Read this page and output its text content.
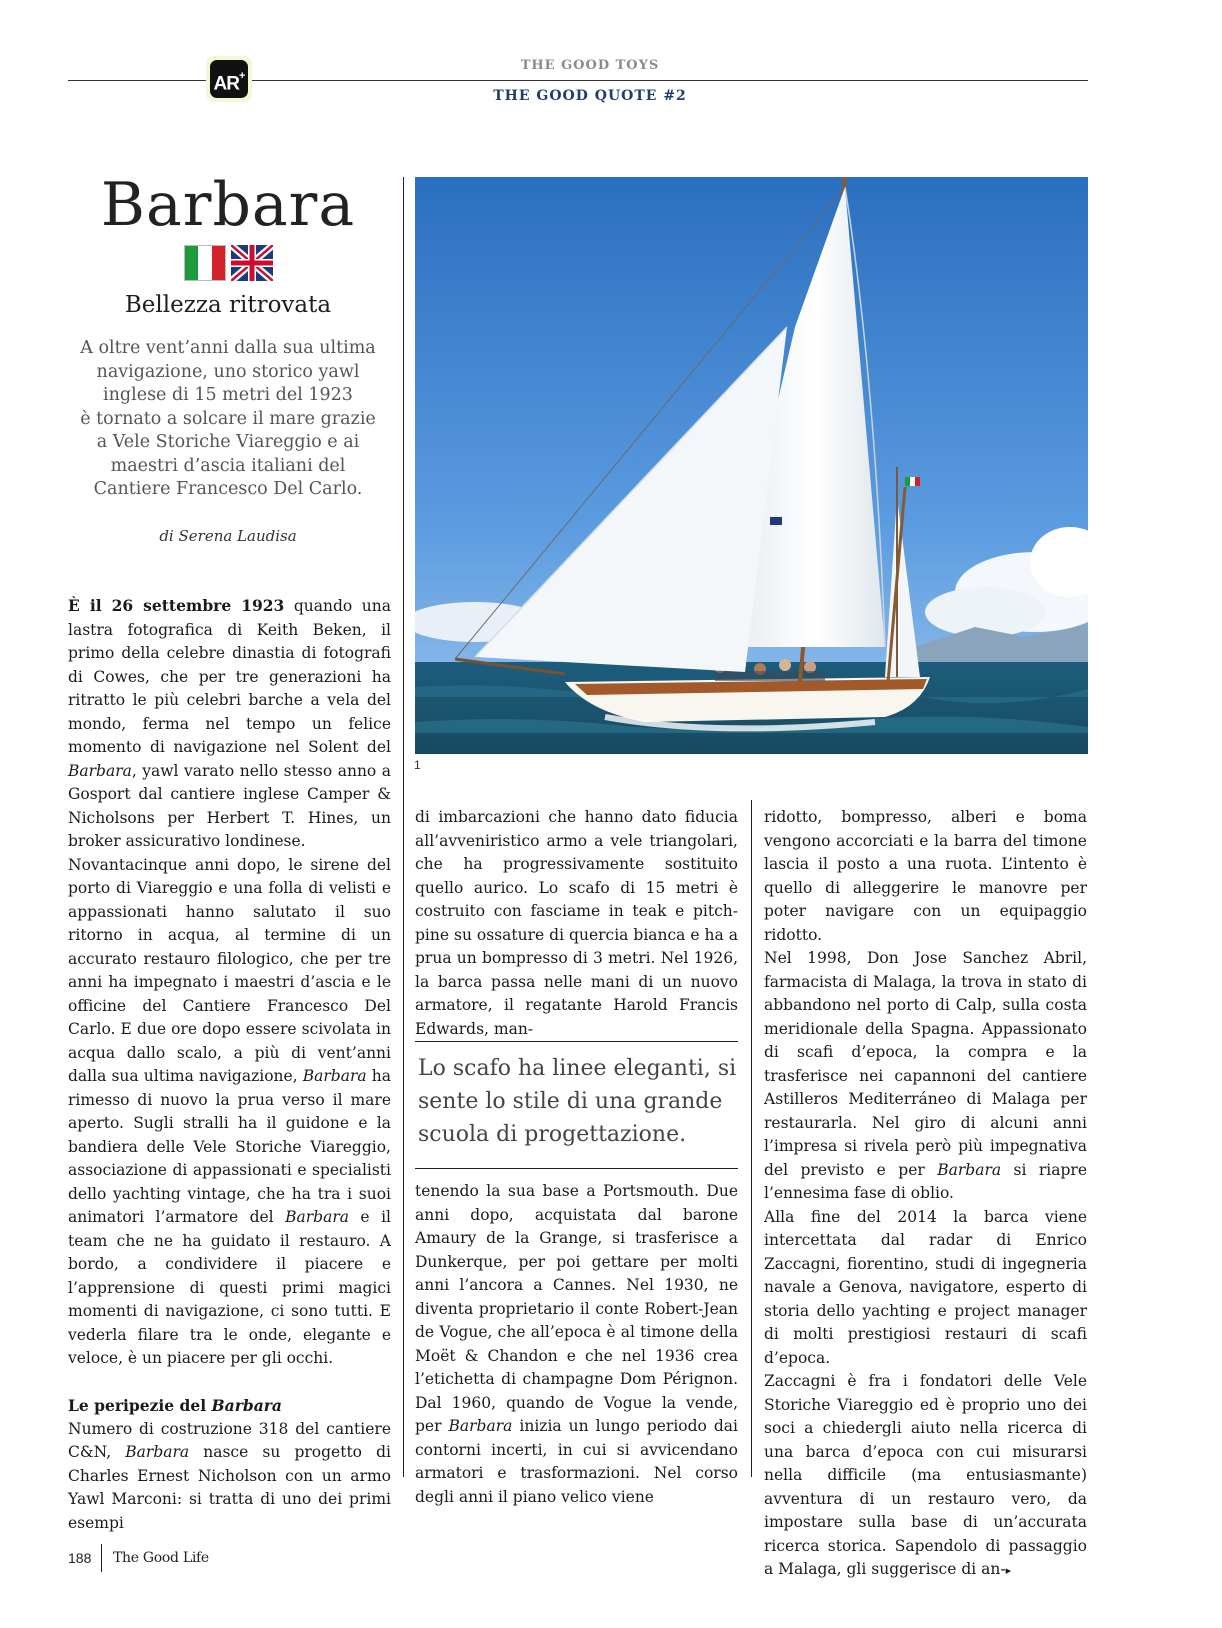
AR+
THE GOOD TOYS
THE GOOD QUOTE #2
Barbara
Bellezza ritrovata
A oltre vent’anni dalla sua ultima
navigazione, uno storico yawl
inglese di 15 metri del 1923
è tornato a solcare il mare grazie
a Vele Storiche Viareggio e ai
maestri d’ascia italiani del
Cantiere Francesco Del Carlo.
di Serena Laudisa
1

È il 26 settembre 1923 quando una lastra fotografica di Keith Beken, il primo della celebre dinastia di fotografi di Cowes, che per tre generazioni ha ritratto le più celebri barche a vela del mondo, ferma nel tempo un felice momento di navigazione nel Solent del Barbara, yawl varato nello stesso anno a Gosport dal cantiere inglese Camper & Nicholsons per Herbert T. Hines, un broker assicurativo londinese.

Novantacinque anni dopo, le sirene del porto di Viareggio e una folla di velisti e appassionati hanno salutato il suo ritorno in acqua, al termine di un accurato restauro filologico, che per tre anni ha impegnato i maestri d’ascia e le officine del Cantiere Francesco Del Carlo. E due ore dopo essere scivolata in acqua dallo scalo, a più di vent’anni dalla sua ultima navigazione, Barbara ha rimesso di nuovo la prua verso il mare aperto. Sugli stralli ha il guidone e la bandiera delle Vele Storiche Viareggio, associazione di appassionati e specialisti dello yachting vintage, che ha tra i suoi animatori l’armatore del Barbara e il team che ne ha guidato il restauro. A bordo, a condividere il piacere e l’apprensione di questi primi magici momenti di navigazione, ci sono tutti. E vederla filare tra le onde, elegante e veloce, è un piacere per gli occhi.

Le peripezie del Barbara

Numero di costruzione 318 del cantiere C&N, Barbara nasce su progetto di Charles Ernest Nicholson con un armo Yawl Marconi: si tratta di uno dei primi esempi

di imbarcazioni che hanno dato fiducia all’avveniristico armo a vele triangolari, che ha progressivamente sostituito quello aurico. Lo scafo di 15 metri è costruito con fasciame in teak e pitch-pine su ossature di quercia bianca e ha a prua un bompresso di 3 metri. Nel 1926, la barca passa nelle mani di un nuovo armatore, il regatante Harold Francis Edwards, man-

Lo scafo ha linee eleganti, si sente lo stile di una grande scuola di progettazione.

tenendo la sua base a Portsmouth. Due anni dopo, acquistata dal barone Amaury de la Grange, si trasferisce a Dunkerque, per poi gettare per molti anni l’ancora a Cannes. Nel 1930, ne diventa proprietario il conte Robert-Jean de Vogue, che all’epoca è al timone della Moët & Chandon e che nel 1936 crea l’etichetta di champagne Dom Pérignon. Dal 1960, quando de Vogue la vende, per Barbara inizia un lungo periodo dai contorni incerti, in cui si avvicendano armatori e trasformazioni. Nel corso degli anni il piano velico viene

ridotto, bompresso, alberi e boma vengono accorciati e la barra del timone lascia il posto a una ruota. L’intento è quello di alleggerire le manovre per poter navigare con un equipaggio ridotto.

Nel 1998, Don Jose Sanchez Abril, farmacista di Malaga, la trova in stato di abbandono nel porto di Calp, sulla costa meridionale della Spagna. Appassionato di scafi d’epoca, la compra e la trasferisce nei capannoni del cantiere Astilleros Mediterráneo di Malaga per restaurarla. Nel giro di alcuni anni l’impresa si rivela però più impegnativa del previsto e per Barbara si riapre l’ennesima fase di oblio.

Alla fine del 2014 la barca viene intercettata dal radar di Enrico Zaccagni, fiorentino, studi di ingegneria navale a Genova, navigatore, esperto di storia dello yachting e project manager di molti prestigiosi restauri di scafi d’epoca.

Zaccagni è fra i fondatori delle Vele Storiche Viareggio ed è proprio uno dei soci a chiedergli aiuto nella ricerca di una barca d’epoca con cui misurarsi nella difficile (ma entusiasmante) avventura di un restauro vero, da impostare sulla base di un’accurata ricerca storica. Sapendolo di passaggio a Malaga, gli suggerisce di an-▸

188 The Good Life
